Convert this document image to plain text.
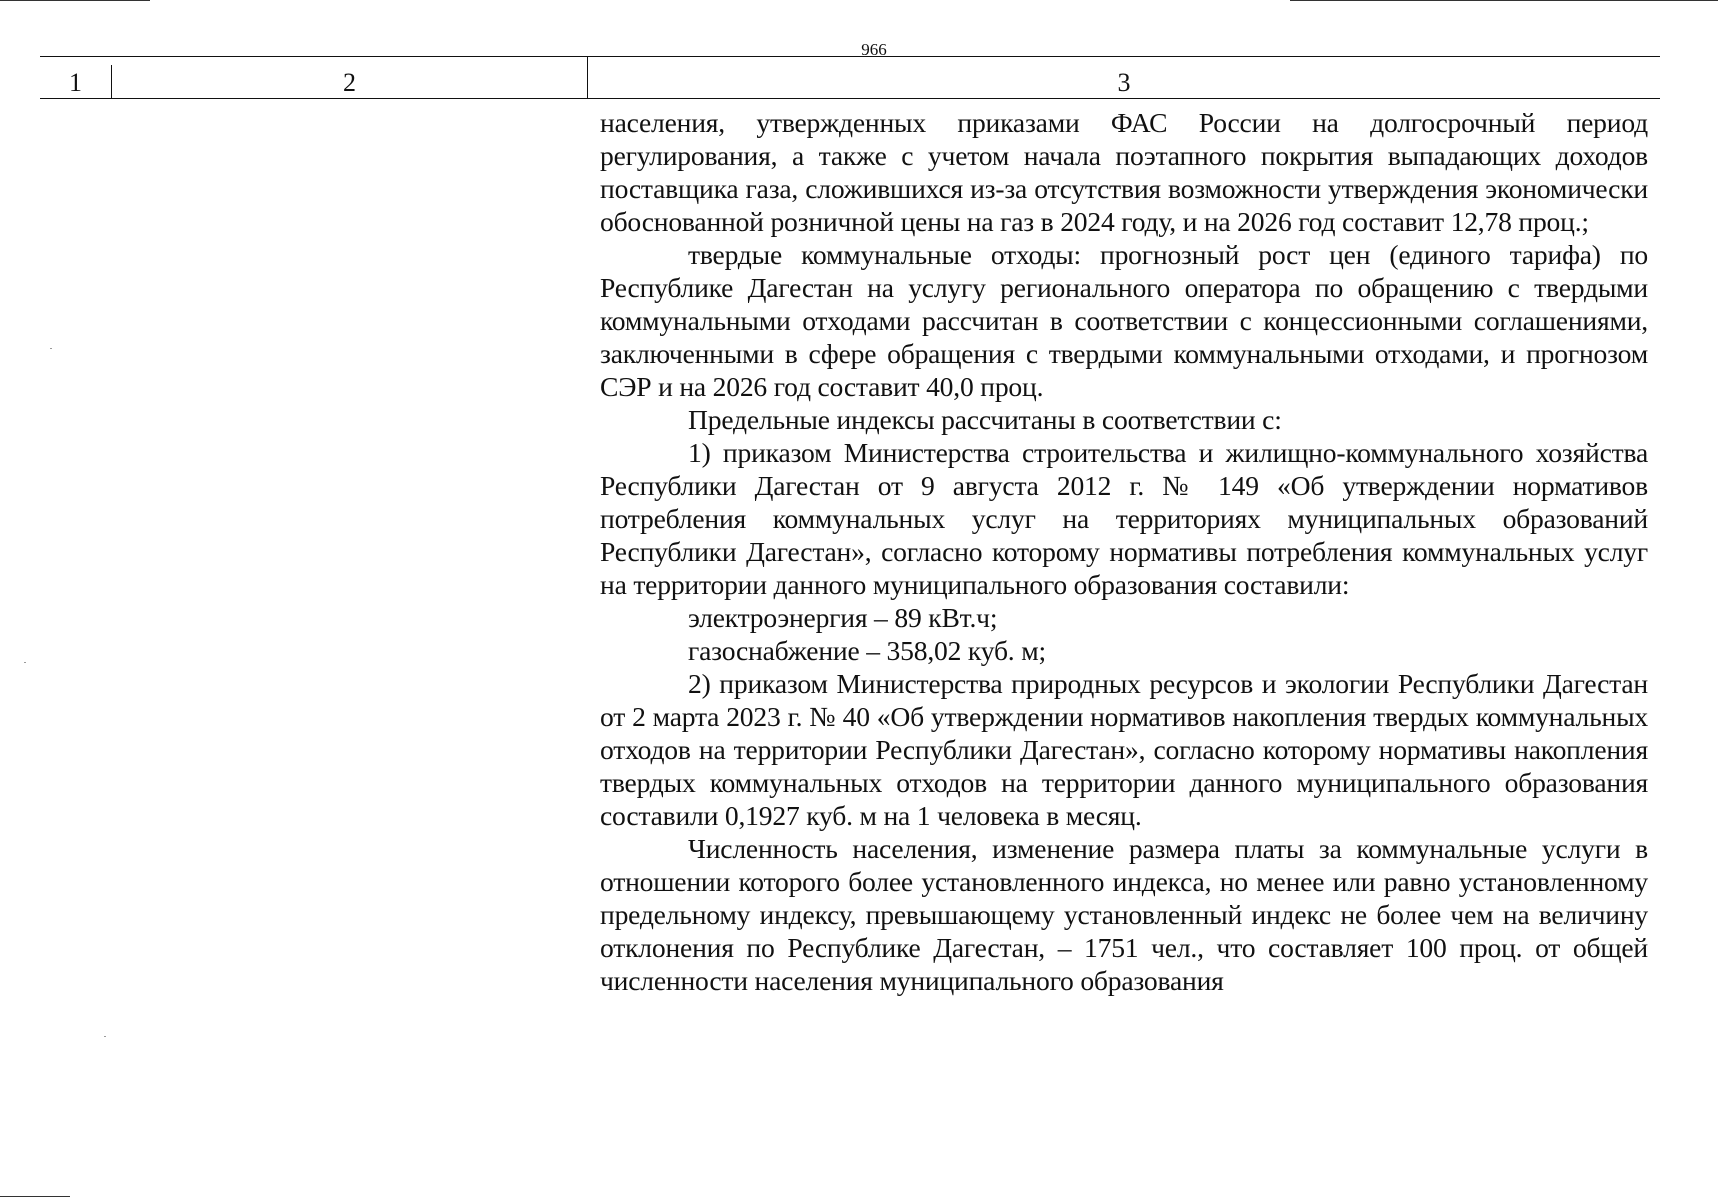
966
1	2	3

населения, утвержденных приказами ФАС России на долгосрочный период регулирования, а также с учетом начала поэтапного покрытия выпадающих доходов поставщика газа, сложившихся из-за отсутствия возможности утверждения экономически обоснованной розничной цены на газ в 2024 году, и на 2026 год составит 12,78 проц.;

твердые коммунальные отходы: прогнозный рост цен (единого тарифа) по Республике Дагестан на услугу регионального оператора по обращению с твердыми коммунальными отходами рассчитан в соответствии с концессионными соглашениями, заключенными в сфере обращения с твердыми коммунальными отходами, и прогнозом СЭР и на 2026 год составит 40,0 проц.

Предельные индексы рассчитаны в соответствии с:

1) приказом Министерства строительства и жилищно-коммунального хозяйства Республики Дагестан от 9 августа 2012 г. № 149 «Об утверждении нормативов потребления коммунальных услуг на территориях муниципальных образований Республики Дагестан», согласно которому нормативы потребления коммунальных услуг на территории данного муниципального образования составили:

электроэнергия – 89 кВт.ч;

газоснабжение – 358,02 куб. м;

2) приказом Министерства природных ресурсов и экологии Республики Дагестан от 2 марта 2023 г. № 40 «Об утверждении нормативов накопления твердых коммунальных отходов на территории Республики Дагестан», согласно которому нормативы накопления твердых коммунальных отходов на территории данного муниципального образования составили 0,1927 куб. м на 1 человека в месяц.

Численность населения, изменение размера платы за коммунальные услуги в отношении которого более установленного индекса, но менее или равно установленному предельному индексу, превышающему установленный индекс не более чем на величину отклонения по Республике Дагестан, – 1751 чел., что составляет 100 проц. от общей численности населения муниципального образования
